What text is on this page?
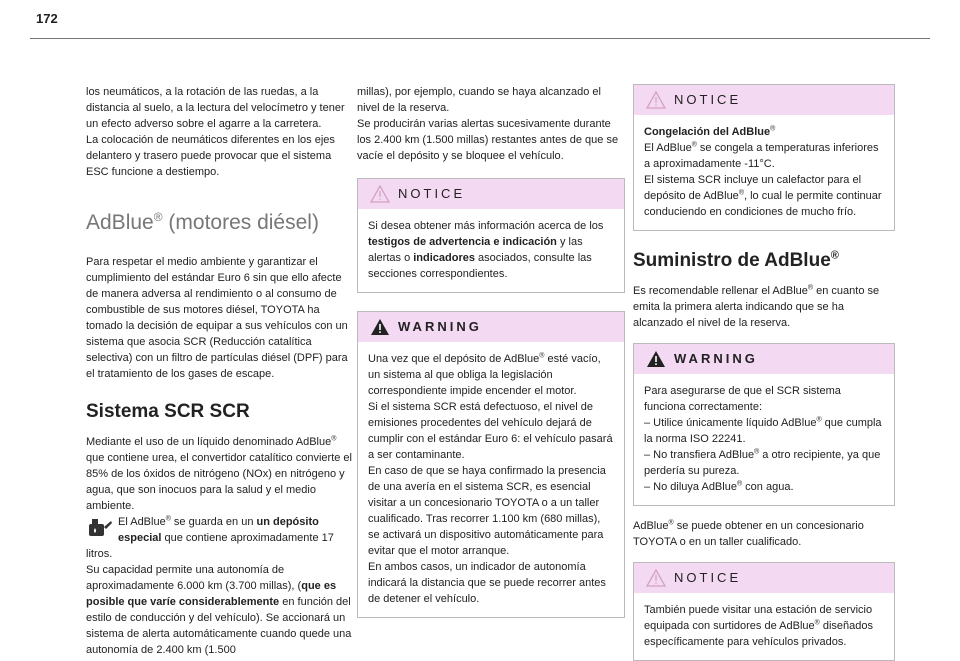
172

los neumáticos, a la rotación de las ruedas, a la distancia al suelo, a la lectura del velocímetro y tener un efecto adverso sobre el agarre a la carretera.

La colocación de neumáticos diferentes en los ejes delantero y trasero puede provocar que el sistema ESC funcione a destiempo.

AdBlue® (motores diésel)

Para respetar el medio ambiente y garantizar el cumplimiento del estándar Euro 6 sin que ello afecte de manera adversa al rendimiento o al consumo de combustible de sus motores diésel, TOYOTA ha tomado la decisión de equipar a sus vehículos con un sistema que asocia SCR (Reducción catalítica selectiva) con un filtro de partículas diésel (DPF) para el tratamiento de los gases de escape.

Sistema SCR SCR

Mediante el uso de un líquido denominado AdBlue® que contiene urea, el convertidor catalítico convierte el 85% de los óxidos de nitrógeno (NOx) en nitrógeno y agua, que son inocuos para la salud y el medio ambiente.

El AdBlue® se guarda en un un depósito especial que contiene aproximadamente 17 litros.

Su capacidad permite una autonomía de aproximadamente 6.000 km (3.700 millas), (que es posible que varíe considerablemente en función del estilo de conducción y del vehículo). Se accionará un sistema de alerta automáticamente cuando quede una autonomía de 2.400 km (1.500

millas), por ejemplo, cuando se haya alcanzado el nivel de la reserva.

Se producirán varias alertas sucesivamente durante los 2.400 km (1.500 millas) restantes antes de que se vacíe el depósito y se bloquee el vehículo.

NOTICE
Si desea obtener más información acerca de los testigos de advertencia e indicación y las alertas o indicadores asociados, consulte las secciones correspondientes.
WARNING

Una vez que el depósito de AdBlue® esté vacío, un sistema al que obliga la legislación correspondiente impide encender el motor.

Si el sistema SCR está defectuoso, el nivel de emisiones procedentes del vehículo dejará de cumplir con el estándar Euro 6: el vehículo pasará a ser contaminante.

En caso de que se haya confirmado la presencia de una avería en el sistema SCR, es esencial visitar a un concesionario TOYOTA o a un taller cualificado. Tras recorrer 1.100 km (680 millas), se activará un dispositivo automáticamente para evitar que el motor arranque.

En ambos casos, un indicador de autonomía indicará la distancia que se puede recorrer antes de detener el vehículo.

NOTICE

Congelación del AdBlue®

El AdBlue® se congela a temperaturas inferiores a aproximadamente -11°C.

El sistema SCR incluye un calefactor para el depósito de AdBlue®, lo cual le permite continuar conduciendo en condiciones de mucho frío.

Suministro de AdBlue®

Es recomendable rellenar el AdBlue® en cuanto se emita la primera alerta indicando que se ha alcanzado el nivel de la reserva.

WARNING

Para asegurarse de que el SCR sistema funciona correctamente:

– Utilice únicamente líquido AdBlue® que cumpla la norma ISO 22241.

– No transfiera AdBlue® a otro recipiente, ya que perdería su pureza.

– No diluya AdBlue® con agua.

AdBlue® se puede obtener en un concesionario TOYOTA o en un taller cualificado.

NOTICE
También puede visitar una estación de servicio equipada con surtidores de AdBlue® diseñados específicamente para vehículos privados.
